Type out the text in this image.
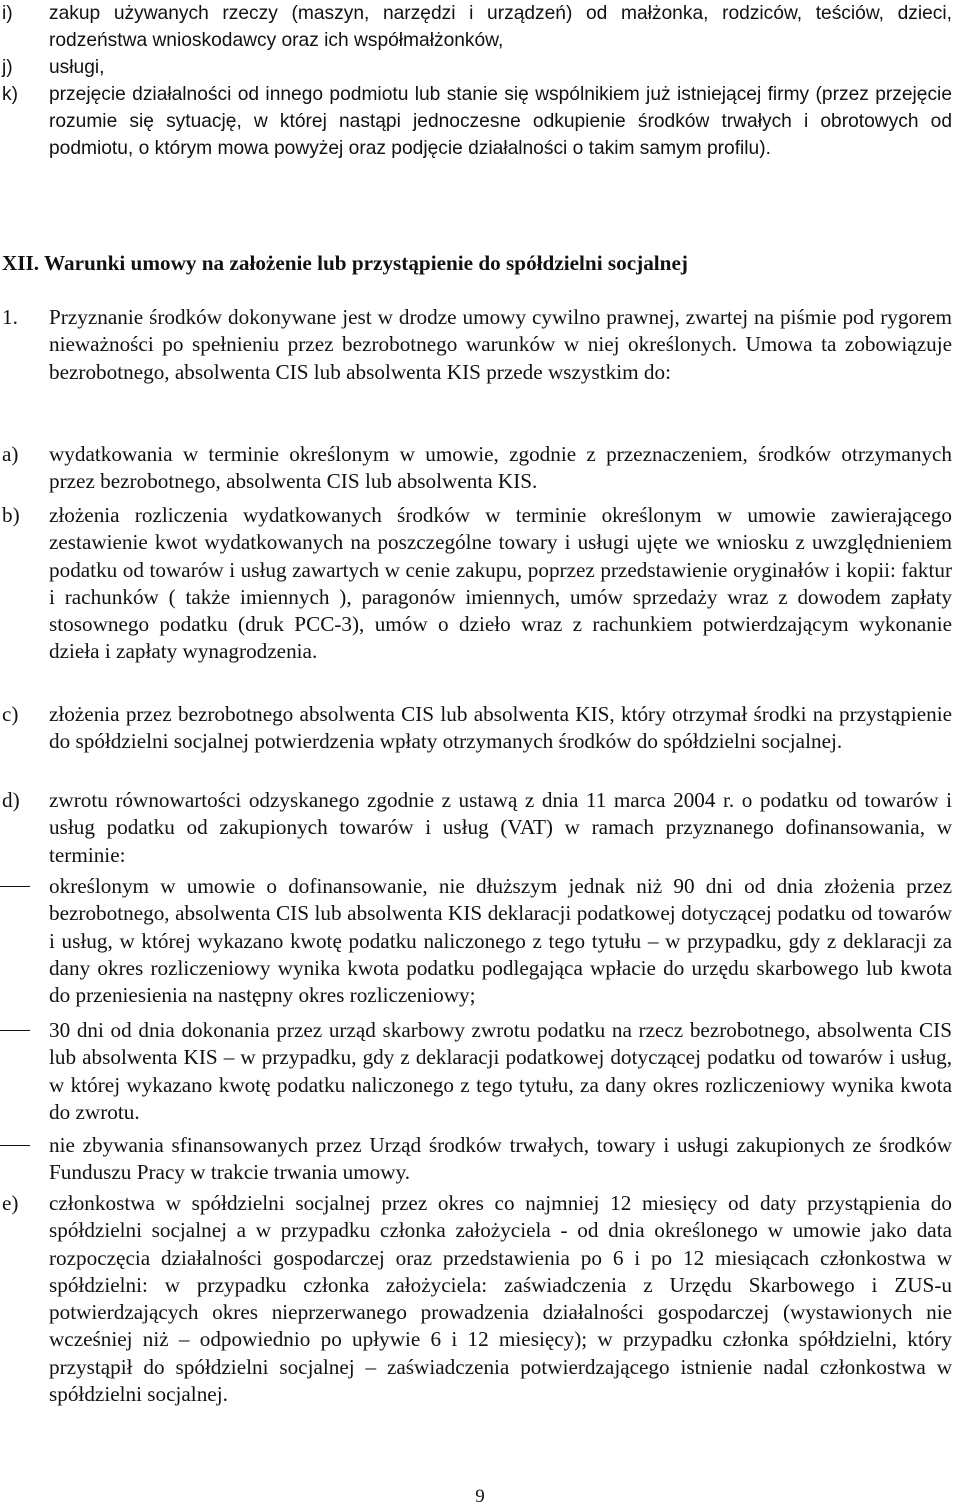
i) zakup używanych rzeczy (maszyn, narzędzi i urządzeń) od małżonka, rodziców, teściów, dzieci, rodzeństwa wnioskodawcy oraz ich współmałżonków,
j) usługi,
k) przejęcie działalności od innego podmiotu lub stanie się wspólnikiem już istniejącej firmy (przez przejęcie rozumie się sytuację, w której nastąpi jednoczesne odkupienie środków trwałych i obrotowych od podmiotu, o którym mowa powyżej oraz podjęcie działalności o takim samym profilu).
XII. Warunki umowy na założenie lub przystąpienie do spółdzielni socjalnej
1. Przyznanie środków dokonywane jest w drodze umowy cywilno prawnej, zwartej na piśmie pod rygorem nieważności po spełnieniu przez bezrobotnego warunków w niej określonych. Umowa ta zobowiązuje bezrobotnego, absolwenta CIS lub absolwenta KIS przede wszystkim do:
a) wydatkowania w terminie określonym w umowie, zgodnie z przeznaczeniem, środków otrzymanych przez bezrobotnego, absolwenta CIS lub absolwenta KIS.
b) złożenia rozliczenia wydatkowanych środków w terminie określonym w umowie zawierającego zestawienie kwot wydatkowanych na poszczególne towary i usługi ujęte we wniosku z uwzględnieniem podatku od towarów i usług zawartych w cenie zakupu, poprzez przedstawienie oryginałów i kopii: faktur i rachunków ( także imiennych ), paragonów imiennych, umów sprzedaży wraz z dowodem zapłaty stosownego podatku (druk PCC-3), umów o dzieło wraz z rachunkiem potwierdzającym wykonanie dzieła i zapłaty wynagrodzenia.
c) złożenia przez bezrobotnego absolwenta CIS lub absolwenta KIS, który otrzymał środki na przystąpienie do spółdzielni socjalnej potwierdzenia wpłaty otrzymanych środków do spółdzielni socjalnej.
d) zwrotu równowartości odzyskanego zgodnie z ustawą z dnia 11 marca 2004 r. o podatku od towarów i usług podatku od zakupionych towarów i usług (VAT) w ramach przyznanego dofinansowania, w terminie:
określonym w umowie o dofinansowanie, nie dłuższym jednak niż 90 dni od dnia złożenia przez bezrobotnego, absolwenta CIS lub absolwenta KIS deklaracji podatkowej dotyczącej podatku od towarów i usług, w której wykazano kwotę podatku naliczonego z tego tytułu – w przypadku, gdy z deklaracji za dany okres rozliczeniowy wynika kwota podatku podlegająca wpłacie do urzędu skarbowego lub kwota do przeniesienia na następny okres rozliczeniowy;
30 dni od dnia dokonania przez urząd skarbowy zwrotu podatku na rzecz bezrobotnego, absolwenta CIS lub absolwenta KIS – w przypadku, gdy z deklaracji podatkowej dotyczącej podatku od towarów i usług, w której wykazano kwotę podatku naliczonego z tego tytułu, za dany okres rozliczeniowy wynika kwota do zwrotu.
nie zbywania sfinansowanych przez Urząd środków trwałych, towary i usługi zakupionych ze środków Funduszu Pracy w trakcie trwania umowy.
e) członkostwa w spółdzielni socjalnej przez okres co najmniej 12 miesięcy od daty przystąpienia do spółdzielni socjalnej a w przypadku członka założyciela - od dnia określonego w umowie jako data rozpoczęcia działalności gospodarczej oraz przedstawienia po 6 i po 12 miesiącach członkostwa w spółdzielni: w przypadku członka założyciela: zaświadczenia z Urzędu Skarbowego i ZUS-u potwierdzających okres nieprzerwanego prowadzenia działalności gospodarczej (wystawionych nie wcześniej niż – odpowiednio po upływie 6 i 12 miesięcy); w przypadku członka spółdzielni, który przystąpił do spółdzielni socjalnej – zaświadczenia potwierdzającego istnienie nadal członkostwa w spółdzielni socjalnej.
9
